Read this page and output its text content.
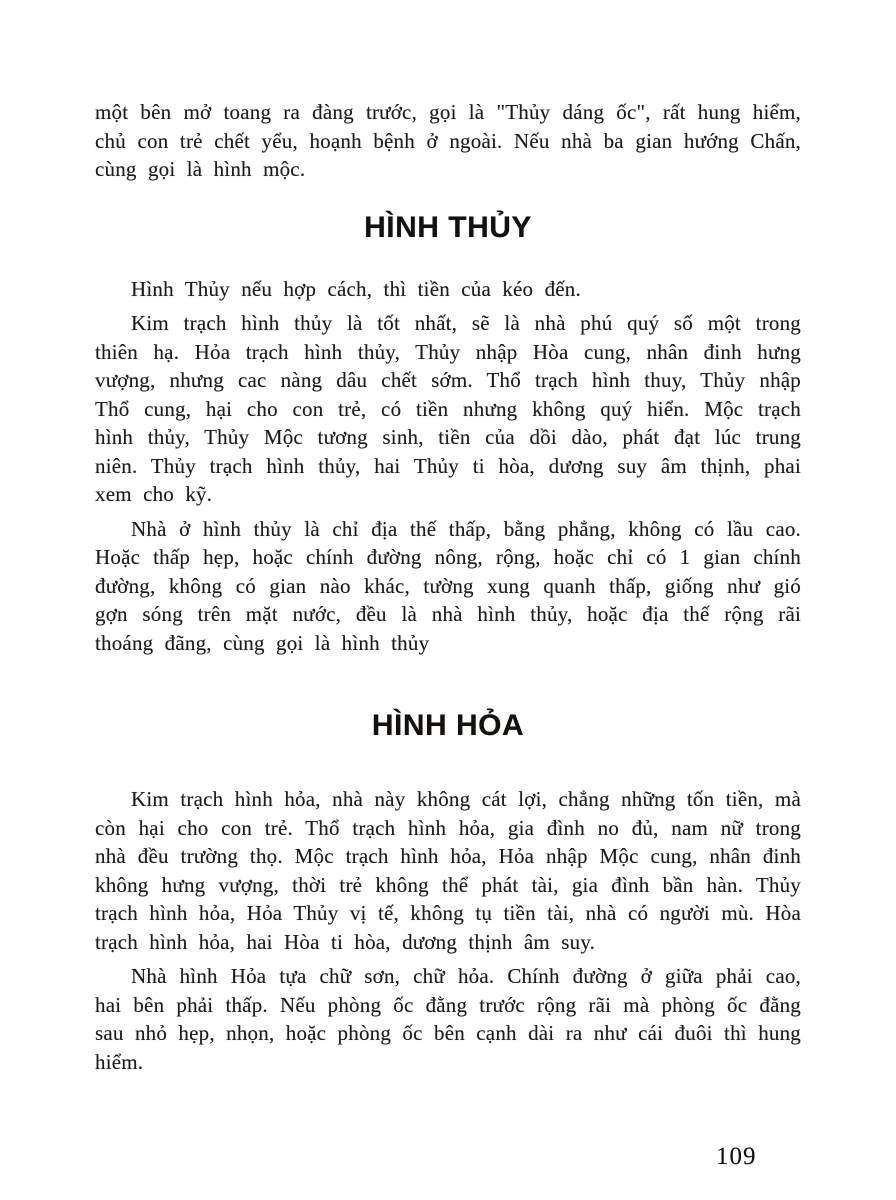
một bên mở toang ra đàng trước, gọi là "Thủy dáng ốc", rất hung hiểm, chủ con trẻ chết yểu, hoạnh bệnh ở ngoài. Nếu nhà ba gian hướng Chấn, cùng gọi là hình mộc.

HÌNH THỦY

Hình Thủy nếu hợp cách, thì tiền của kéo đến.

Kim trạch hình thủy là tốt nhất, sẽ là nhà phú quý số một trong thiên hạ. Hỏa trạch hình thủy, Thủy nhập Hòa cung, nhân đinh hưng vượng, nhưng cac nàng dâu chết sớm. Thổ trạch hình thuy, Thủy nhập Thổ cung, hại cho con trẻ, có tiền nhưng không quý hiển. Mộc trạch hình thủy, Thủy Mộc tương sinh, tiền của dồi dào, phát đạt lúc trung niên. Thủy trạch hình thủy, hai Thủy ti hòa, dương suy âm thịnh, phai xem cho kỹ.

Nhà ở hình thủy là chỉ địa thế thấp, bằng phẳng, không có lầu cao. Hoặc thấp hẹp, hoặc chính đường nông, rộng, hoặc chỉ có 1 gian chính đường, không có gian nào khác, tường xung quanh thấp, giống như gió gợn sóng trên mặt nước, đều là nhà hình thủy, hoặc địa thế rộng rãi thoáng đãng, cùng gọi là hình thủy

HÌNH HỎA

Kim trạch hình hỏa, nhà này không cát lợi, chẳng những tốn tiền, mà còn hại cho con trẻ. Thổ trạch hình hỏa, gia đình no đủ, nam nữ trong nhà đều trường thọ. Mộc trạch hình hỏa, Hỏa nhập Mộc cung, nhân đinh không hưng vượng, thời trẻ không thể phát tài, gia đình bần hàn. Thủy trạch hình hỏa, Hỏa Thủy vị tế, không tụ tiền tài, nhà có người mù. Hòa trạch hình hỏa, hai Hòa ti hòa, dương thịnh âm suy.

Nhà hình Hỏa tựa chữ sơn, chữ hỏa. Chính đường ở giữa phải cao, hai bên phải thấp. Nếu phòng ốc đằng trước rộng rãi mà phòng ốc đằng sau nhỏ hẹp, nhọn, hoặc phòng ốc bên cạnh dài ra như cái đuôi thì hung hiểm.

109
